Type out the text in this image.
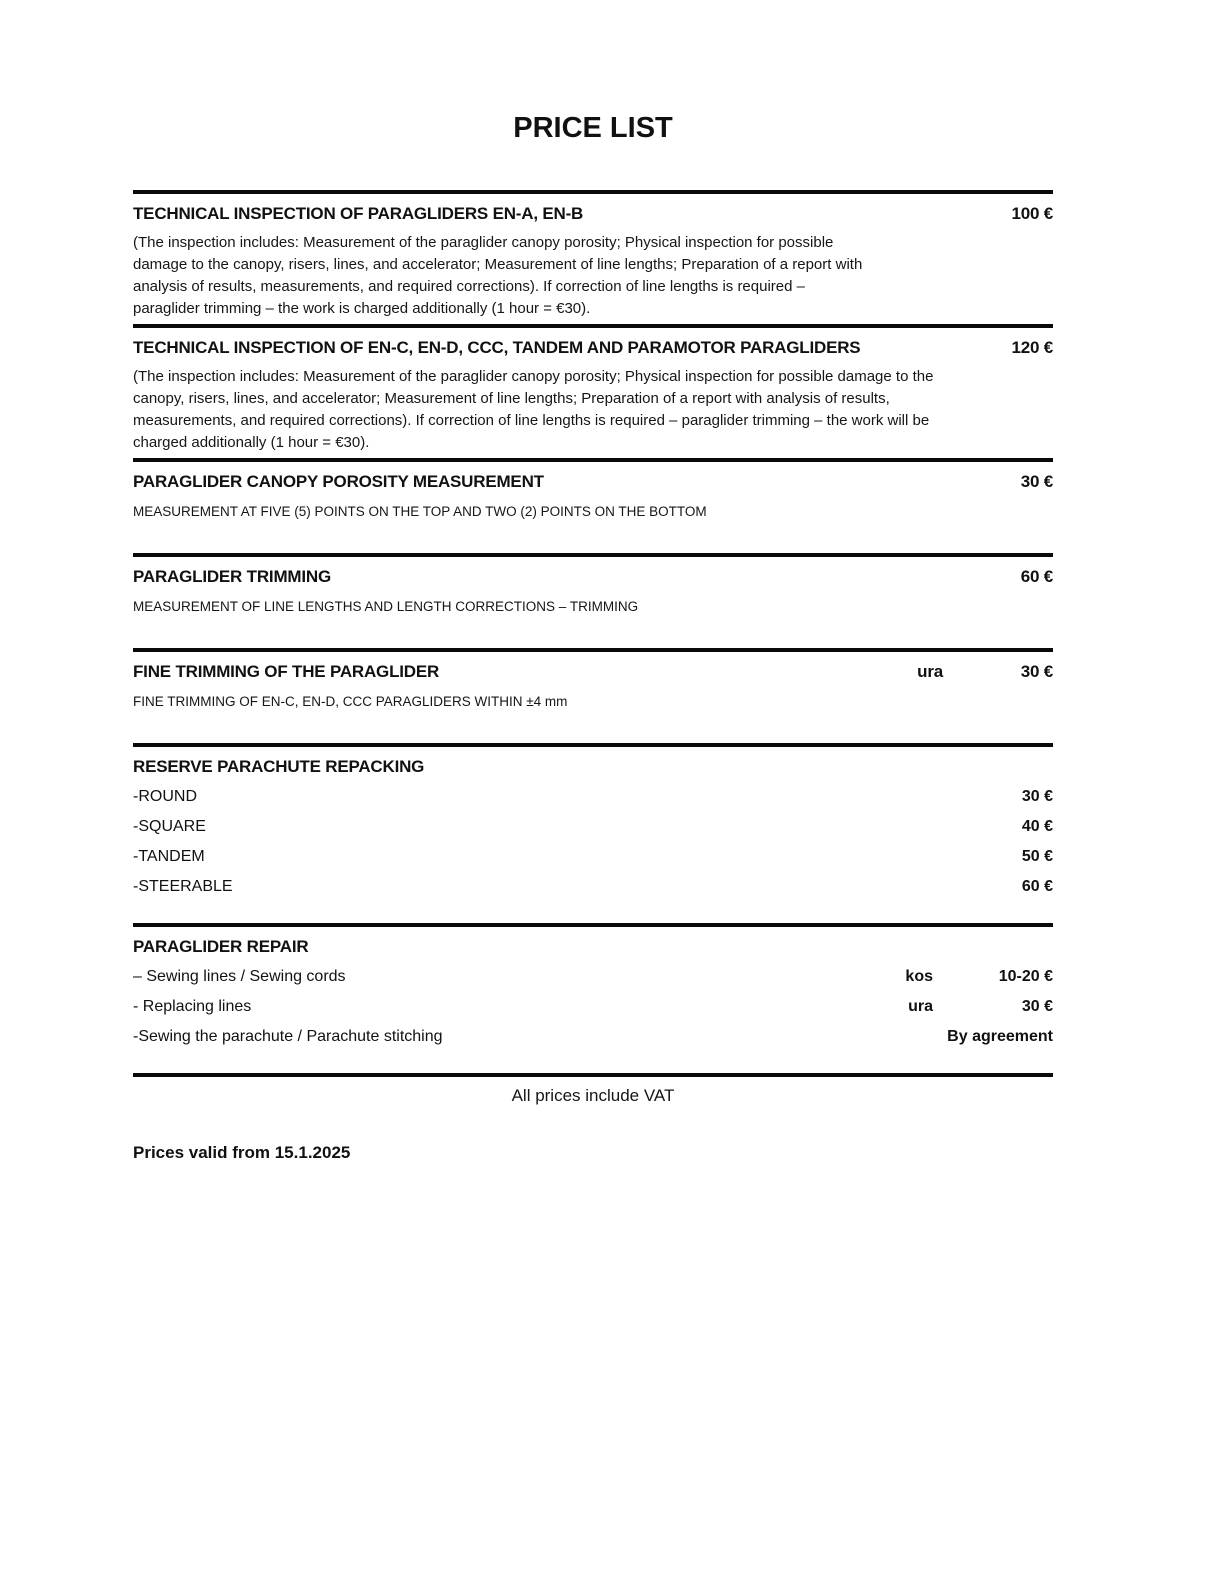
PRICE LIST
TECHNICAL INSPECTION OF PARAGLIDERS EN-A, EN-B	100 €
(The inspection includes: Measurement of the paraglider canopy porosity; Physical inspection for possible
damage to the canopy, risers, lines, and accelerator; Measurement of line lengths; Preparation of a report with
analysis of results, measurements, and required corrections). If correction of line lengths is required –
paraglider trimming – the work is charged additionally (1 hour = €30).
TECHNICAL INSPECTION OF EN-C, EN-D, CCC, TANDEM AND PARAMOTOR PARAGLIDERS	120 €
(The inspection includes: Measurement of the paraglider canopy porosity; Physical inspection for possible damage to the
canopy, risers, lines, and accelerator; Measurement of line lengths; Preparation of a report with analysis of results,
measurements, and required corrections). If correction of line lengths is required – paraglider trimming – the work will be
charged additionally (1 hour = €30).
PARAGLIDER CANOPY POROSITY MEASUREMENT	30 €
MEASUREMENT AT FIVE (5) POINTS ON THE TOP AND TWO (2) POINTS ON THE BOTTOM
PARAGLIDER TRIMMING	60 €
MEASUREMENT OF LINE LENGTHS AND LENGTH CORRECTIONS – TRIMMING
FINE TRIMMING OF THE PARAGLIDER	ura	30 €
FINE TRIMMING OF EN-C, EN-D, CCC PARAGLIDERS WITHIN ±4 mm
RESERVE PARACHUTE REPACKING
-ROUND	30 €
-SQUARE	40 €
-TANDEM	50 €
-STEERABLE	60 €
PARAGLIDER REPAIR
– Sewing lines / Sewing cords	kos	10-20 €
- Replacing lines	ura	30 €
-Sewing the parachute / Parachute stitching	By agreement
All prices include VAT
Prices valid from 15.1.2025
